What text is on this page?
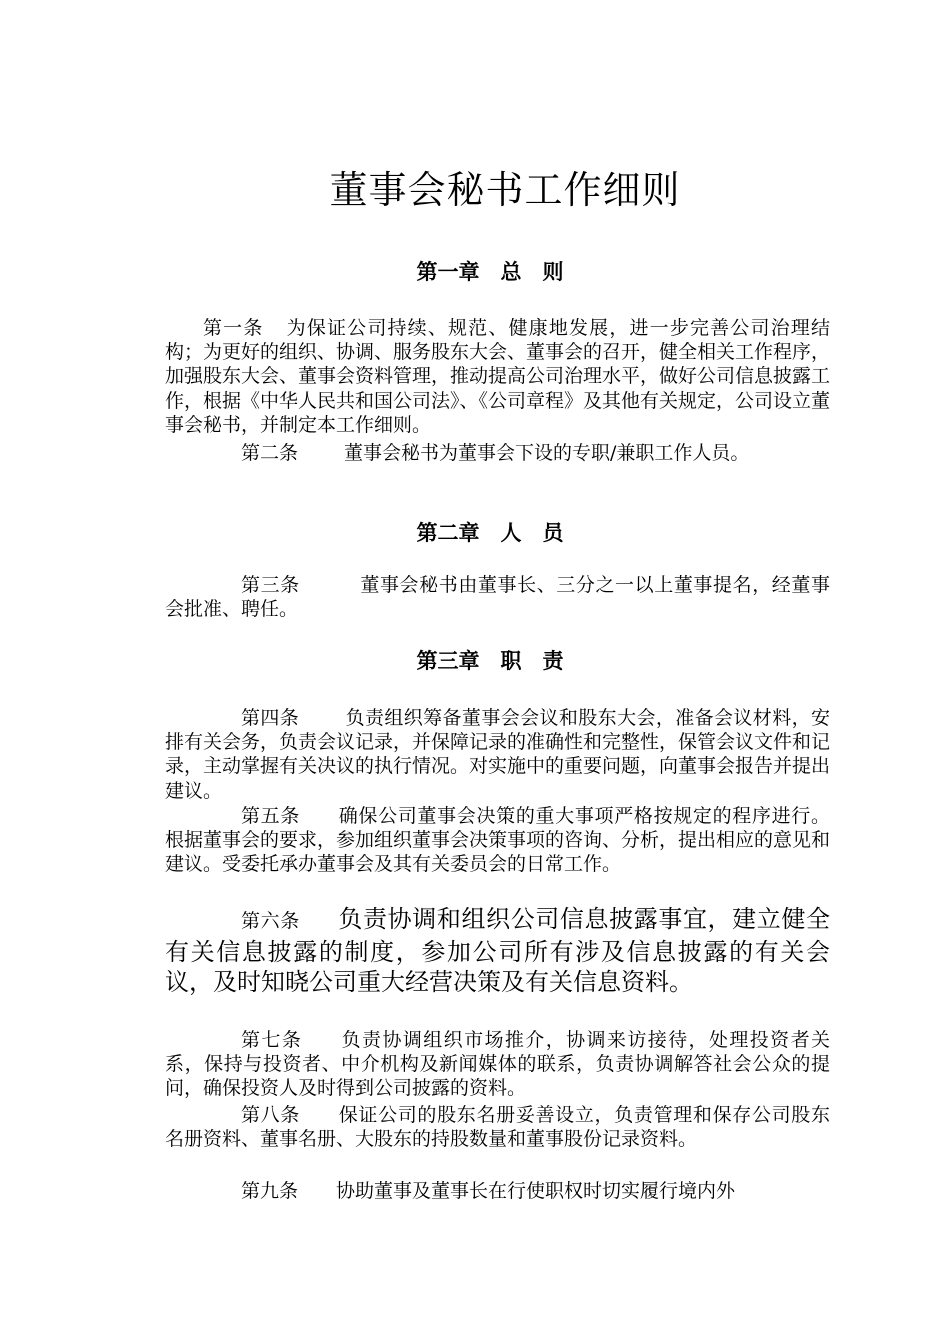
董事会秘书工作细则
第一章　总　则
第一条 为保证公司持续、规范、健康地发展，进一步完善公司治理结构；为更好的组织、协调、服务股东大会、董事会的召开，健全相关工作程序，加强股东大会、董事会资料管理，推动提高公司治理水平，做好公司信息披露工作，根据《中华人民共和国公司法》、《公司章程》及其他有关规定，公司设立董事会秘书，并制定本工作细则。
第二条 董事会秘书为董事会下设的专职/兼职工作人员。
第二章　人　员
第三条	董事会秘书由董事长、三分之一以上董事提名，经董事会批准、聘任。
第三章　职　责
第四条 负责组织筹备董事会会议和股东大会，准备会议材料，安排有关会务，负责会议记录，并保障记录的准确性和完整性，保管会议文件和记录，主动掌握有关决议的执行情况。对实施中的重要问题，向董事会报告并提出建议。
第五条 确保公司董事会决策的重大事项严格按规定的程序进行。根据董事会的要求，参加组织董事会决策事项的咨询、分析，提出相应的意见和建议。受委托承办董事会及其有关委员会的日常工作。
第六条 负责协调和组织公司信息披露事宜，建立健全有关信息披露的制度，参加公司所有涉及信息披露的有关会议，及时知晓公司重大经营决策及有关信息资料。
第七条 负责协调组织市场推介，协调来访接待，处理投资者关系，保持与投资者、中介机构及新闻媒体的联系，负责协调解答社会公众的提问，确保投资人及时得到公司披露的资料。
第八条 保证公司的股东名册妥善设立，负责管理和保存公司股东名册资料、董事名册、大股东的持股数量和董事股份记录资料。
第九条 协助董事及董事长在行使职权时切实履行境内外
